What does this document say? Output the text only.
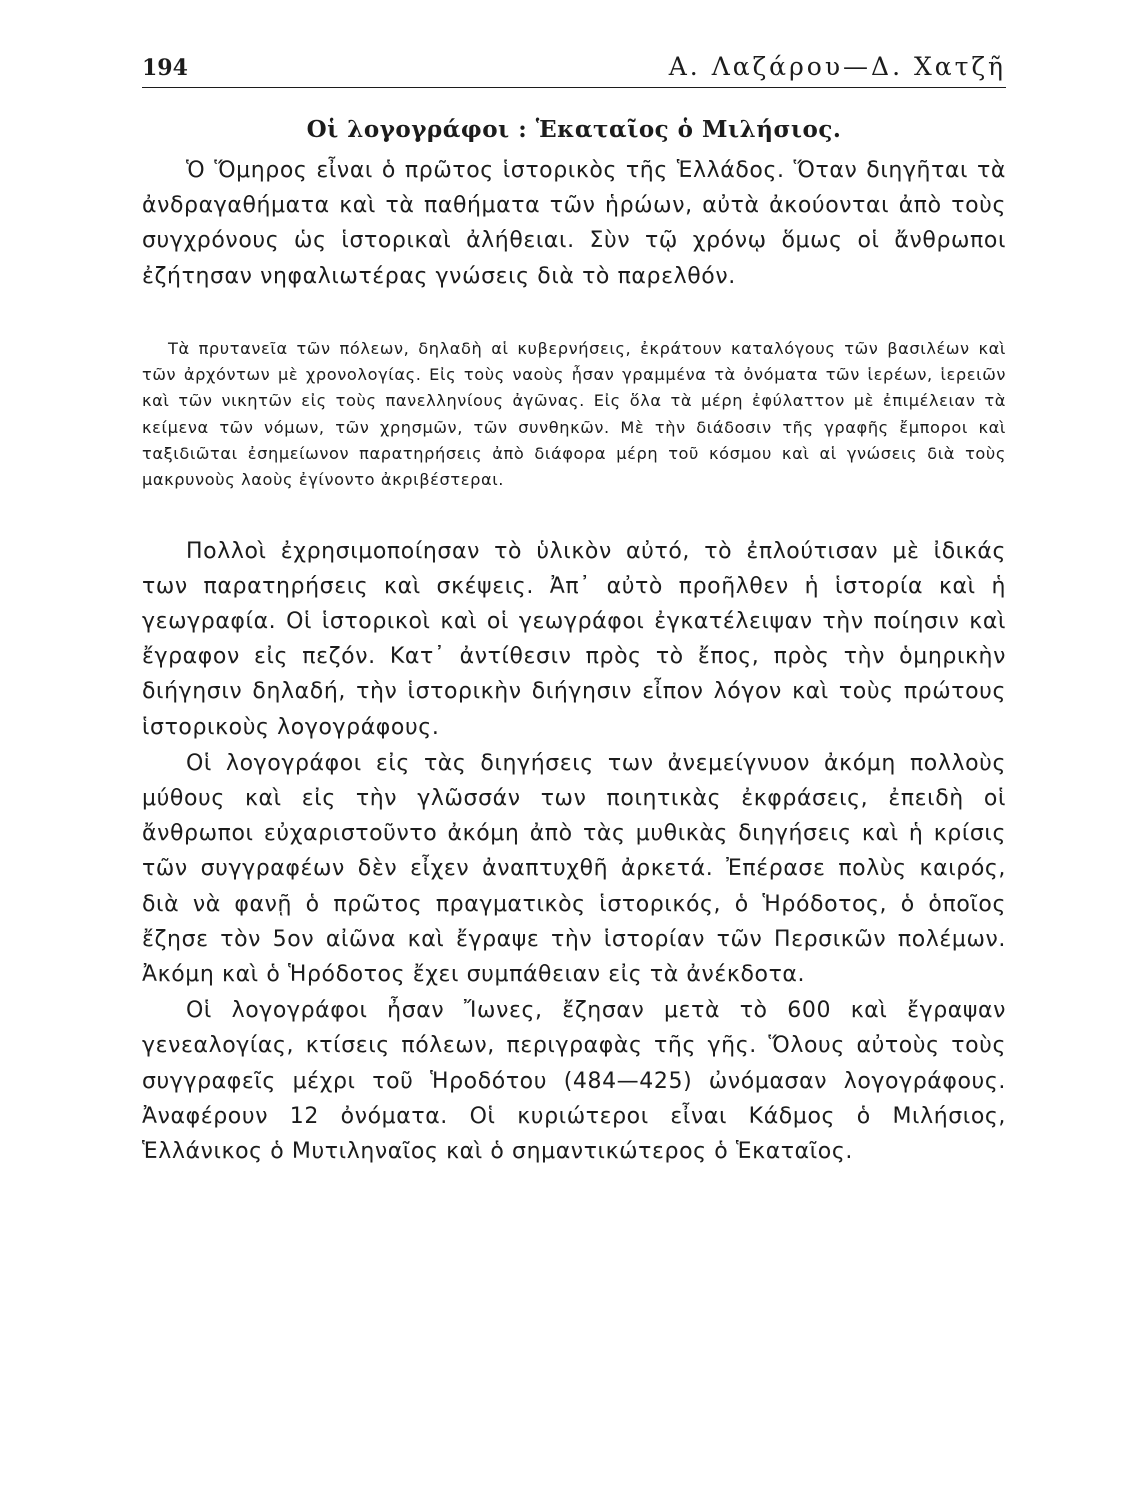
194	Α. Λαζάρου—Δ. Χατζῆ
Οἱ λογογράφοι : Ἑκαταῖος ὁ Μιλήσιος.

Ὁ Ὅμηρος εἶναι ὁ πρῶτος ἱστορικὸς τῆς Ἑλλάδος. Ὅταν διηγῆται τὰ ἀνδραγαθήματα καὶ τὰ παθήματα τῶν ἡρώων, αὐτὰ ἀκούονται ἀπὸ τοὺς συγχρόνους ὡς ἱστορικαὶ ἀλήθειαι. Σὺν τῷ χρόνῳ ὅμως οἱ ἄνθρωποι ἐζήτησαν νηφαλιωτέρας γνώσεις διὰ τὸ παρελθόν.

Τὰ πρυτανεῖα τῶν πόλεων, δηλαδὴ αἱ κυβερνήσεις, ἐκράτουν καταλόγους τῶν βασιλέων καὶ τῶν ἀρχόντων μὲ χρονολογίας. Εἰς τοὺς ναοὺς ἦσαν γραμμένα τὰ ὀνόματα τῶν ἱερέων, ἱερειῶν καὶ τῶν νικητῶν εἰς τοὺς πανελληνίους ἀγῶνας. Εἰς ὅλα τὰ μέρη ἐφύλαττον μὲ ἐπιμέλειαν τὰ κείμενα τῶν νόμων, τῶν χρησμῶν, τῶν συνθηκῶν. Μὲ τὴν διάδοσιν τῆς γραφῆς ἔμποροι καὶ ταξιδιῶται ἐσημείωνον παρατηρήσεις ἀπὸ διάφορα μέρη τοῦ κόσμου καὶ αἱ γνώσεις διὰ τοὺς μακρυνοὺς λαοὺς ἐγίνοντο ἀκριβέστεραι.

Πολλοὶ ἐχρησιμοποίησαν τὸ ὑλικὸν αὐτό, τὸ ἐπλούτισαν μὲ ἰδικάς των παρατηρήσεις καὶ σκέψεις. Ἀπ᾽ αὐτὸ προῆλθεν ἡ ἱστορία καὶ ἡ γεωγραφία. Οἱ ἱστορικοὶ καὶ οἱ γεωγράφοι ἐγκατέλειψαν τὴν ποίησιν καὶ ἔγραφον εἰς πεζόν. Κατ᾽ ἀντίθεσιν πρὸς τὸ ἔπος, πρὸς τὴν ὁμηρικὴν διήγησιν δηλαδή, τὴν ἱστορικὴν διήγησιν εἶπον λόγον καὶ τοὺς πρώτους ἱστορικοὺς λογογράφους.

Οἱ λογογράφοι εἰς τὰς διηγήσεις των ἀνεμείγνυον ἀκόμη πολλοὺς μύθους καὶ εἰς τὴν γλῶσσάν των ποιητικὰς ἐκφράσεις, ἐπειδὴ οἱ ἄνθρωποι εὐχαριστοῦντο ἀκόμη ἀπὸ τὰς μυθικὰς διηγήσεις καὶ ἡ κρίσις τῶν συγγραφέων δὲν εἶχεν ἀναπτυχθῆ ἀρκετά. Ἐπέρασε πολὺς καιρός, διὰ νὰ φανῇ ὁ πρῶτος πραγματικὸς ἱστορικός, ὁ Ἡρόδοτος, ὁ ὁποῖος ἔζησε τὸν 5ον αἰῶνα καὶ ἔγραψε τὴν ἱστορίαν τῶν Περσικῶν πολέμων. Ἀκόμη καὶ ὁ Ἡρόδοτος ἔχει συμπάθειαν εἰς τὰ ἀνέκδοτα.

Οἱ λογογράφοι ἦσαν Ἴωνες, ἔζησαν μετὰ τὸ 600 καὶ ἔγραψαν γενεαλογίας, κτίσεις πόλεων, περιγραφὰς τῆς γῆς. Ὅλους αὐτοὺς τοὺς συγγραφεῖς μέχρι τοῦ Ἡροδότου (484—425) ὠνόμασαν λογογράφους. Ἀναφέρουν 12 ὀνόματα. Οἱ κυριώτεροι εἶναι Κάδμος ὁ Μιλήσιος, Ἑλλάνικος ὁ Μυτιληναῖος καὶ ὁ σημαντικώτερος ὁ Ἑκαταῖος.
